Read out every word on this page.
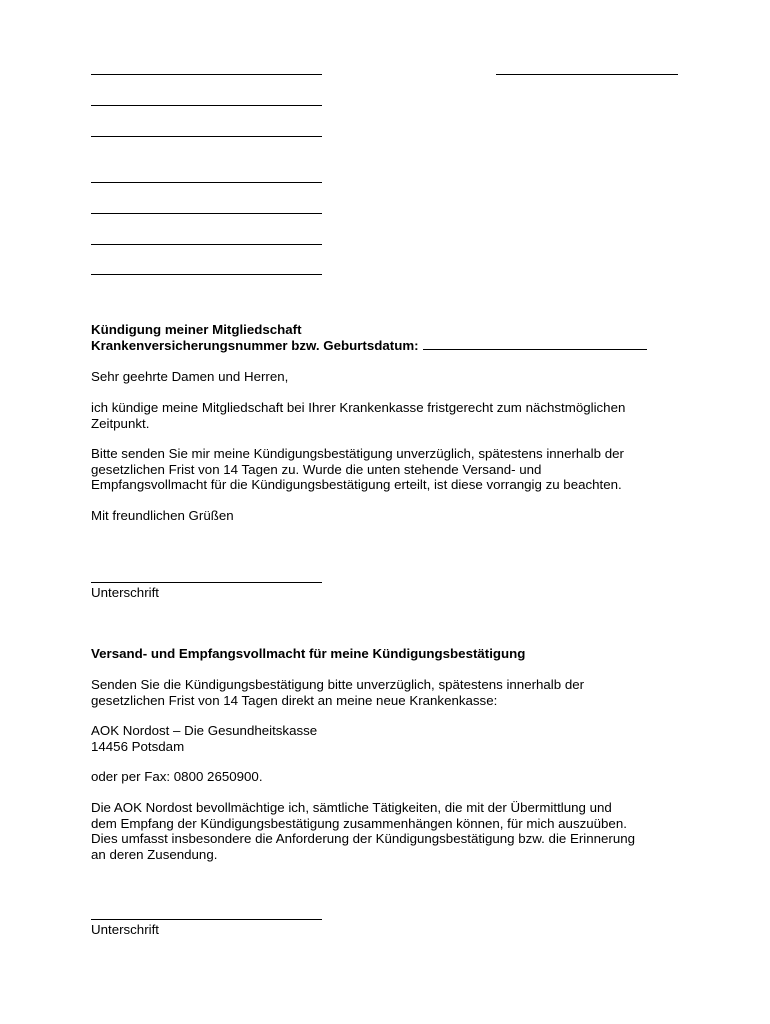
Kündigung meiner Mitgliedschaft
Krankenversicherungsnummer bzw. Geburtsdatum:
Sehr geehrte Damen und Herren,
ich kündige meine Mitgliedschaft bei Ihrer Krankenkasse fristgerecht zum nächstmöglichen
Zeitpunkt.
Bitte senden Sie mir meine Kündigungsbestätigung unverzüglich, spätestens innerhalb der
gesetzlichen Frist von 14 Tagen zu. Wurde die unten stehende Versand- und
Empfangsvollmacht für die Kündigungsbestätigung erteilt, ist diese vorrangig zu beachten.
Mit freundlichen Grüßen
Unterschrift
Versand- und Empfangsvollmacht für meine Kündigungsbestätigung
Senden Sie die Kündigungsbestätigung bitte unverzüglich, spätestens innerhalb der
gesetzlichen Frist von 14 Tagen direkt an meine neue Krankenkasse:
AOK Nordost – Die Gesundheitskasse
14456 Potsdam
oder per Fax: 0800 2650900.
Die AOK Nordost bevollmächtige ich, sämtliche Tätigkeiten, die mit der Übermittlung und
dem Empfang der Kündigungsbestätigung zusammenhängen können, für mich auszuüben.
Dies umfasst insbesondere die Anforderung der Kündigungsbestätigung bzw. die Erinnerung
an deren Zusendung.
Unterschrift
